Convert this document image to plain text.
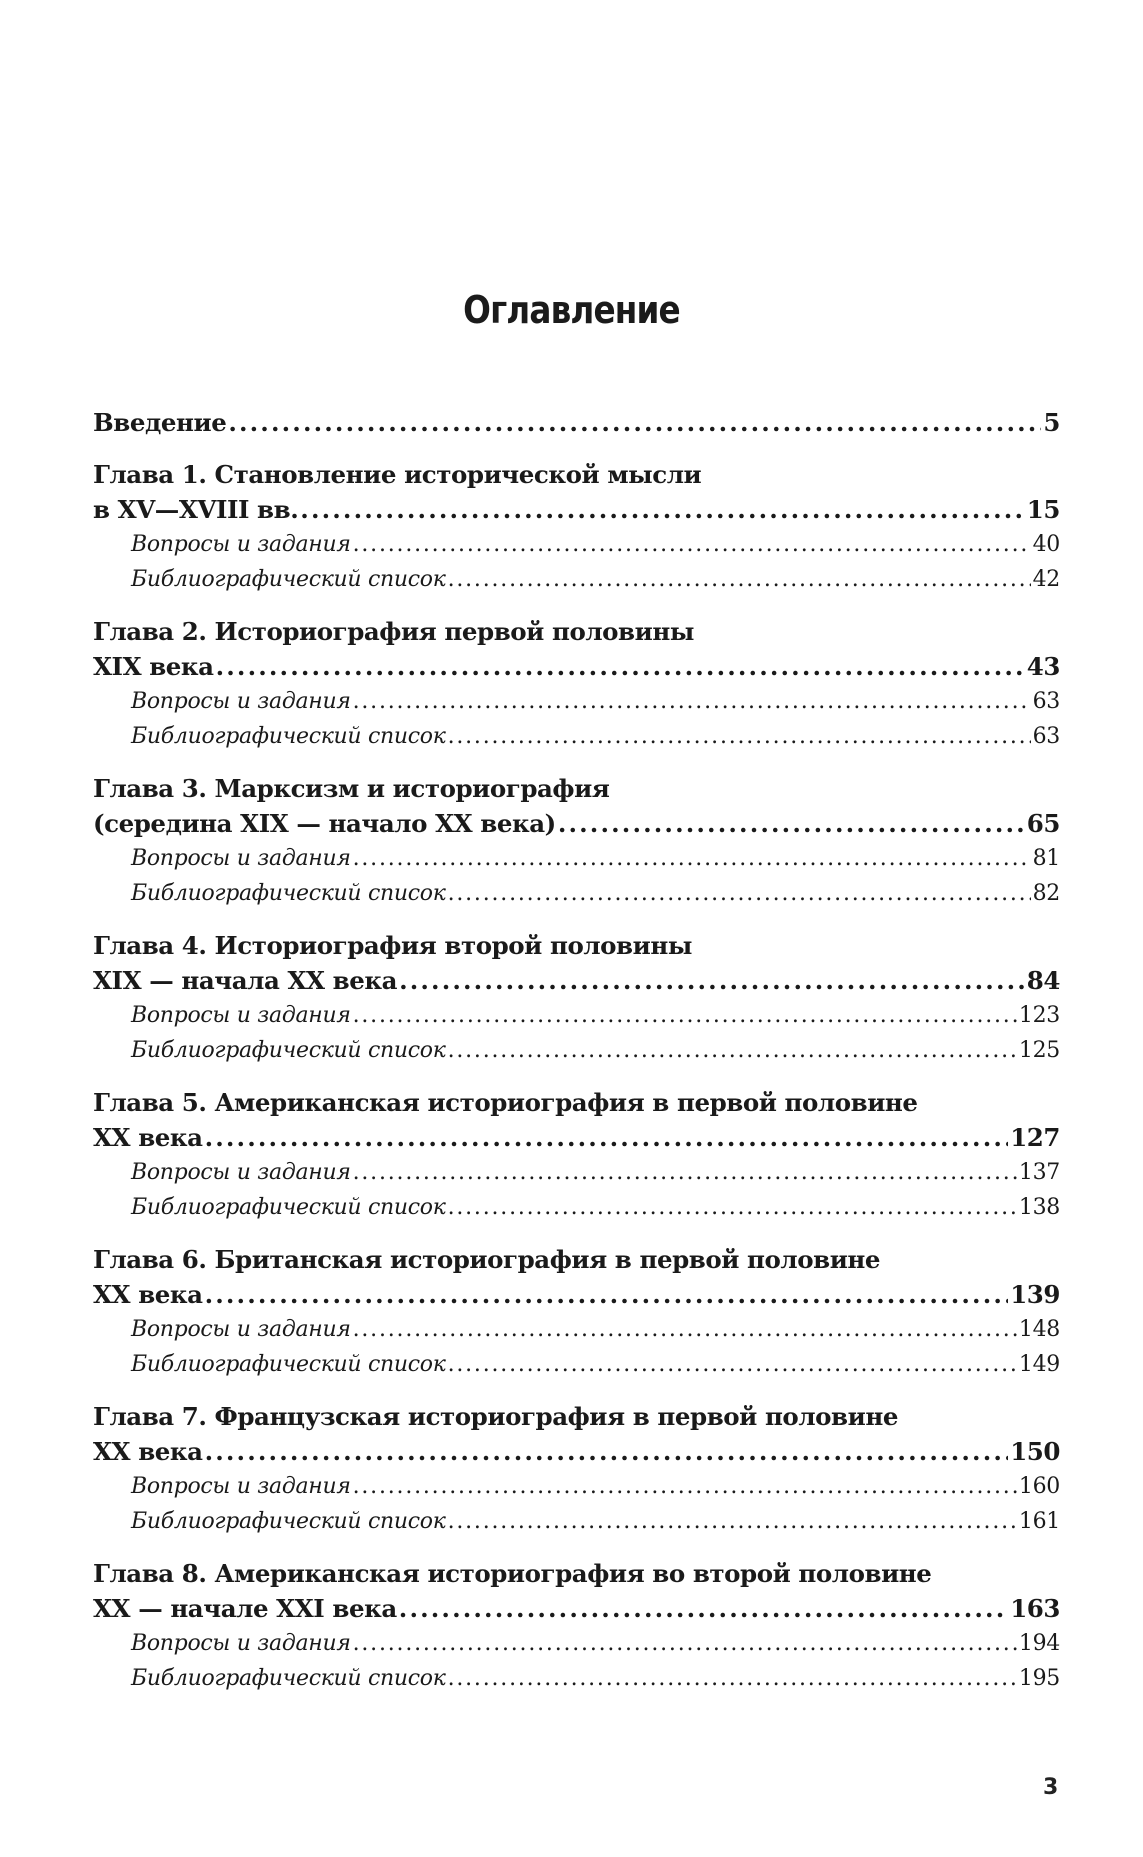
Оглавление
Введение . . .	5
Глава 1. Становление исторической мысли
в XV—XVIII вв. . . .	15
Вопросы и задания . . .	40
Библиографический список . . .	42
Глава 2. Историография первой половины
XIX века . . .	43
Вопросы и задания . . .	63
Библиографический список . . .	63
Глава 3. Марксизм и историография
(середина XIX — начало XX века) . . .	65
Вопросы и задания . . .	81
Библиографический список . . .	82
Глава 4. Историография второй половины
XIX — начала XX века . . .	84
Вопросы и задания . . .	123
Библиографический список . . .	125
Глава 5. Американская историография в первой половине
XX века . . .	127
Вопросы и задания . . .	137
Библиографический список . . .	138
Глава 6. Британская историография в первой половине
XX века . . .	139
Вопросы и задания . . .	148
Библиографический список . . .	149
Глава 7. Французская историография в первой половине
XX века . . .	150
Вопросы и задания . . .	160
Библиографический список . . .	161
Глава 8. Американская историография во второй половине
XX — начале XXI века . . .	163
Вопросы и задания . . .	194
Библиографический список . . .	195
3
